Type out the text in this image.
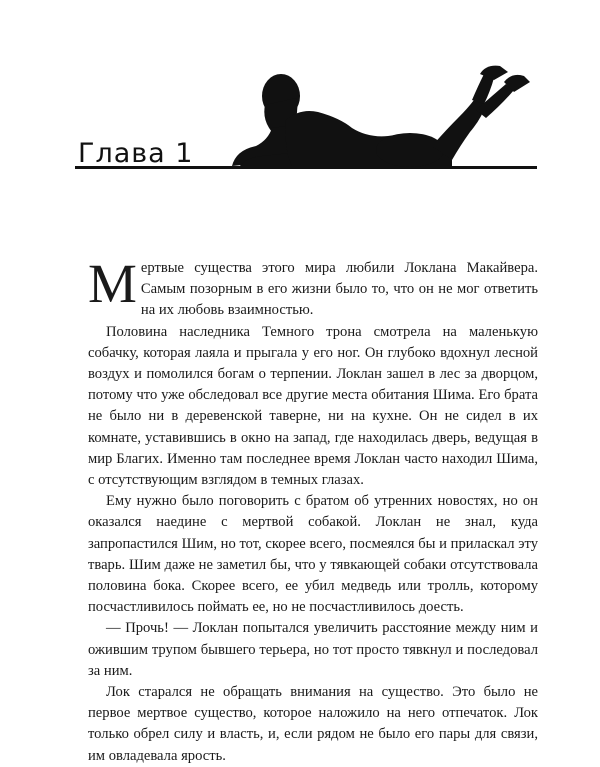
Глава 1

Мертвые существа этого мира любили Локлана Макайвера. Самым позорным в его жизни было то, что он не мог ответить на их любовь взаимностью.

Половина наследника Темного трона смотрела на маленькую собачку, которая лаяла и прыгала у его ног. Он глубоко вдохнул лесной воздух и помолился богам о терпении. Локлан зашел в лес за дворцом, потому что уже обследовал все другие места обитания Шима. Его брата не было ни в деревенской таверне, ни на кухне. Он не сидел в их комнате, уставившись в окно на запад, где находилась дверь, ведущая в мир Благих. Именно там последнее время Локлан часто находил Шима, с отсутствующим взглядом в темных глазах.

Ему нужно было поговорить с братом об утренних новостях, но он оказался наедине с мертвой собакой. Локлан не знал, куда запропастился Шим, но тот, скорее всего, посмеялся бы и приласкал эту тварь. Шим даже не заметил бы, что у тявкающей собаки отсутствовала половина бока. Скорее всего, ее убил медведь или тролль, которому посчастливилось поймать ее, но не посчастливилось доесть.

— Прочь! — Локлан попытался увеличить расстояние между ним и ожившим трупом бывшего терьера, но тот просто тявкнул и последовал за ним.

Лок старался не обращать внимания на существо. Это было не первое мертвое существо, которое наложило на него отпечаток. Лок только обрел силу и власть, и, если рядом не было его пары для связи, им овладевала ярость.
